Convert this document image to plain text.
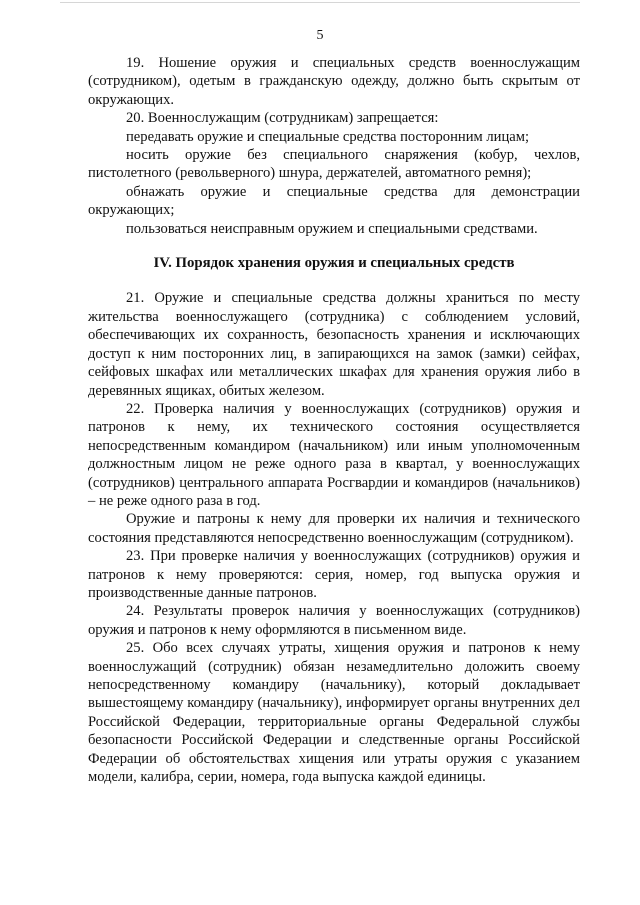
5

19. Ношение оружия и специальных средств военнослужащим (сотрудником), одетым в гражданскую одежду, должно быть скрытым от окружающих.

20. Военнослужащим (сотрудникам) запрещается:

передавать оружие и специальные средства посторонним лицам;

носить оружие без специального снаряжения (кобур, чехлов, пистолетного (револьверного) шнура, держателей, автоматного ремня);

обнажать оружие и специальные средства для демонстрации окружающих;

пользоваться неисправным оружием и специальными средствами.

IV. Порядок хранения оружия и специальных средств

21. Оружие и специальные средства должны храниться по месту жительства военнослужащего (сотрудника) с соблюдением условий, обеспечивающих их сохранность, безопасность хранения и исключающих доступ к ним посторонних лиц, в запирающихся на замок (замки) сейфах, сейфовых шкафах или металлических шкафах для хранения оружия либо в деревянных ящиках, обитых железом.

22. Проверка наличия у военнослужащих (сотрудников) оружия и патронов к нему, их технического состояния осуществляется непосредственным командиром (начальником) или иным уполномоченным должностным лицом не реже одного раза в квартал, у военнослужащих (сотрудников) центрального аппарата Росгвардии и командиров (начальников) – не реже одного раза в год.

Оружие и патроны к нему для проверки их наличия и технического состояния представляются непосредственно военнослужащим (сотрудником).

23. При проверке наличия у военнослужащих (сотрудников) оружия и патронов к нему проверяются: серия, номер, год выпуска оружия и производственные данные патронов.

24. Результаты проверок наличия у военнослужащих (сотрудников) оружия и патронов к нему оформляются в письменном виде.

25. Обо всех случаях утраты, хищения оружия и патронов к нему военнослужащий (сотрудник) обязан незамедлительно доложить своему непосредственному командиру (начальнику), который докладывает вышестоящему командиру (начальнику), информирует органы внутренних дел Российской Федерации, территориальные органы Федеральной службы безопасности Российской Федерации и следственные органы Российской Федерации об обстоятельствах хищения или утраты оружия с указанием модели, калибра, серии, номера, года выпуска каждой единицы.
